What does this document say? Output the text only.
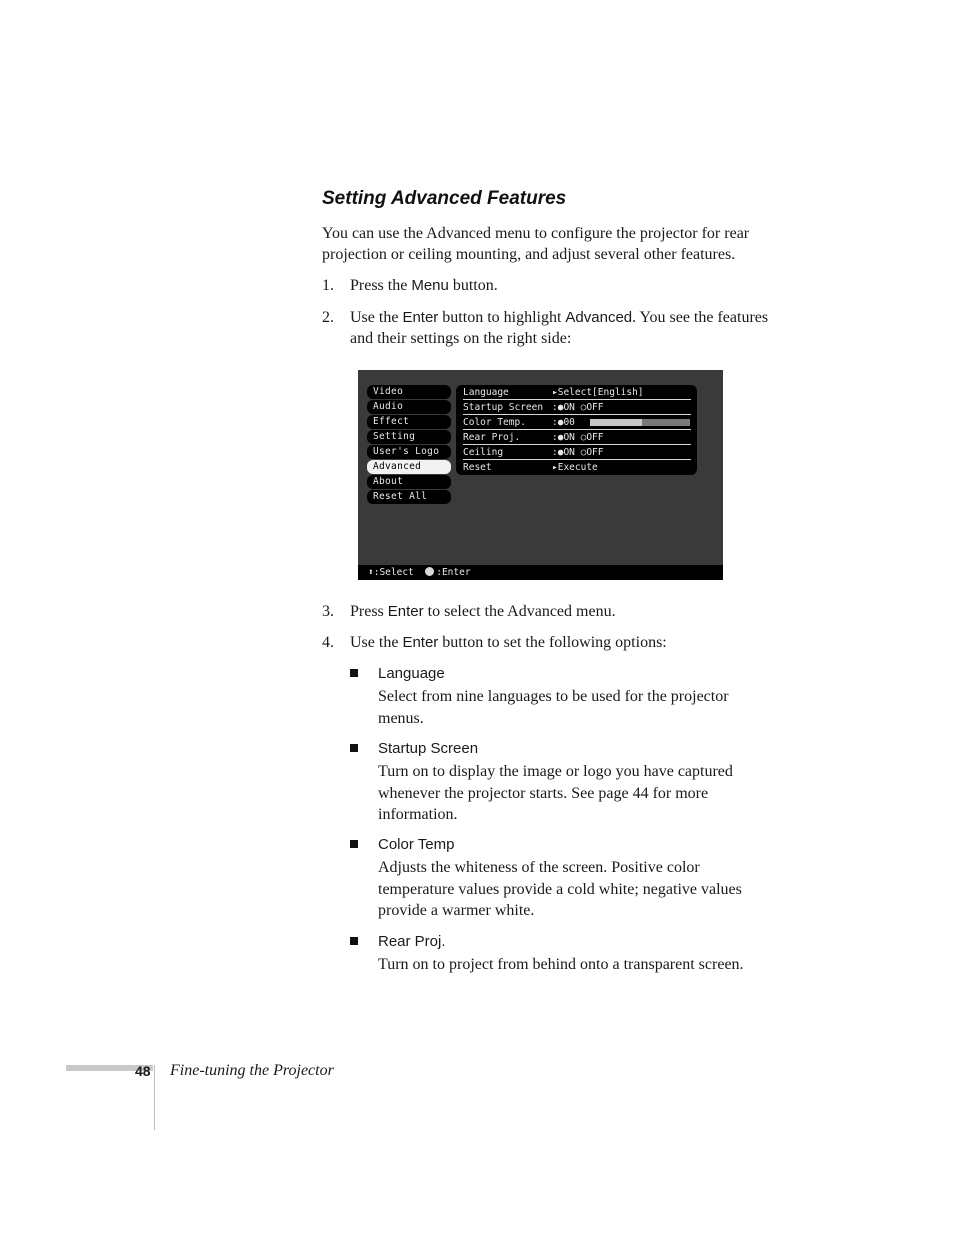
Setting Advanced Features

You can use the Advanced menu to configure the projector for rear projection or ceiling mounting, and adjust several other features.

1. Press the Menu button.
2. Use the Enter button to highlight Advanced. You see the features and their settings on the right side:
Video
Audio
Effect
Setting
User's Logo
Advanced
About
Reset All
Language	▸Select[English]
Startup Screen :●ON ○OFF
Color Temp.	:●00
Rear Proj.	:●ON ○OFF
Ceiling	:●ON ○OFF
Reset	▸Execute
⬍:Select :Enter
3. Press Enter to select the Advanced menu.
4. Use the Enter button to set the following options:
Language
Select from nine languages to be used for the projector menus.
Startup Screen
Turn on to display the image or logo you have captured whenever the projector starts. See page 44 for more information.
Color Temp
Adjusts the whiteness of the screen. Positive color temperature values provide a cold white; negative values provide a warmer white.
Rear Proj.
Turn on to project from behind onto a transparent screen.
48 Fine-tuning the Projector
